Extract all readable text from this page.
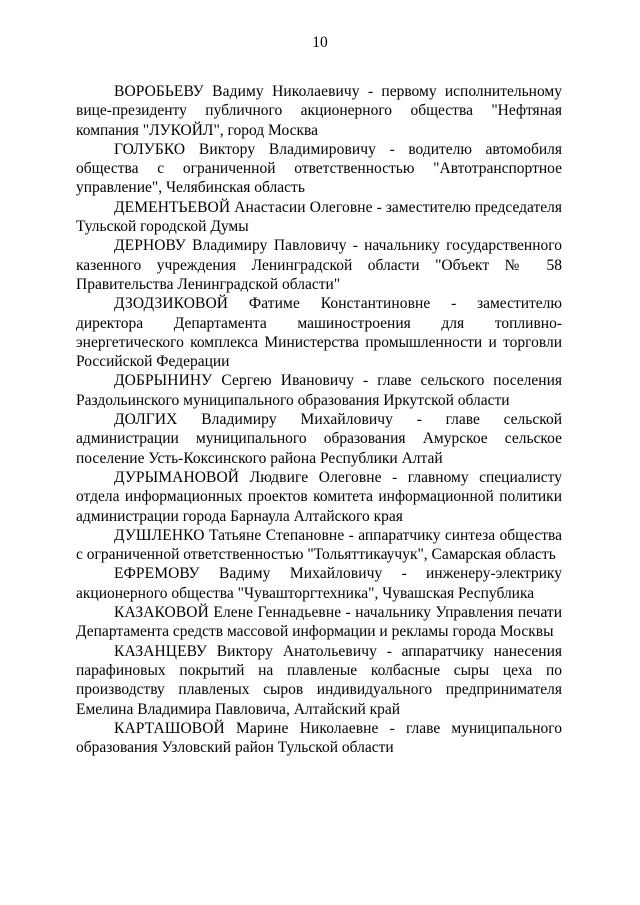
10

ВОРОБЬЕВУ Вадиму Николаевичу - первому исполнительному вице-президенту публичного акционерного общества "Нефтяная компания "ЛУКОЙЛ", город Москва

ГОЛУБКО Виктору Владимировичу - водителю автомобиля общества с ограниченной ответственностью "Автотранспортное управление", Челябинская область

ДЕМЕНТЬЕВОЙ Анастасии Олеговне - заместителю председателя Тульской городской Думы

ДЕРНОВУ Владимиру Павловичу - начальнику государственного казенного учреждения Ленинградской области "Объект № 58 Правительства Ленинградской области"

ДЗОДЗИКОВОЙ Фатиме Константиновне - заместителю директора Департамента машиностроения для топливно-энергетического комплекса Министерства промышленности и торговли Российской Федерации

ДОБРЫНИНУ Сергею Ивановичу - главе сельского поселения Раздольинского муниципального образования Иркутской области

ДОЛГИХ Владимиру Михайловичу - главе сельской администрации муниципального образования Амурское сельское поселение Усть-Коксинского района Республики Алтай

ДУРЫМАНОВОЙ Людвиге Олеговне - главному специалисту отдела информационных проектов комитета информационной политики администрации города Барнаула Алтайского края

ДУШЛЕНКО Татьяне Степановне - аппаратчику синтеза общества с ограниченной ответственностью "Тольяттикаучук", Самарская область

ЕФРЕМОВУ Вадиму Михайловичу - инженеру-электрику акционерного общества "Чувашторгтехника", Чувашская Республика

КАЗАКОВОЙ Елене Геннадьевне - начальнику Управления печати Департамента средств массовой информации и рекламы города Москвы

КАЗАНЦЕВУ Виктору Анатольевичу - аппаратчику нанесения парафиновых покрытий на плавленые колбасные сыры цеха по производству плавленых сыров индивидуального предпринимателя Емелина Владимира Павловича, Алтайский край

КАРТАШОВОЙ Марине Николаевне - главе муниципального образования Узловский район Тульской области
